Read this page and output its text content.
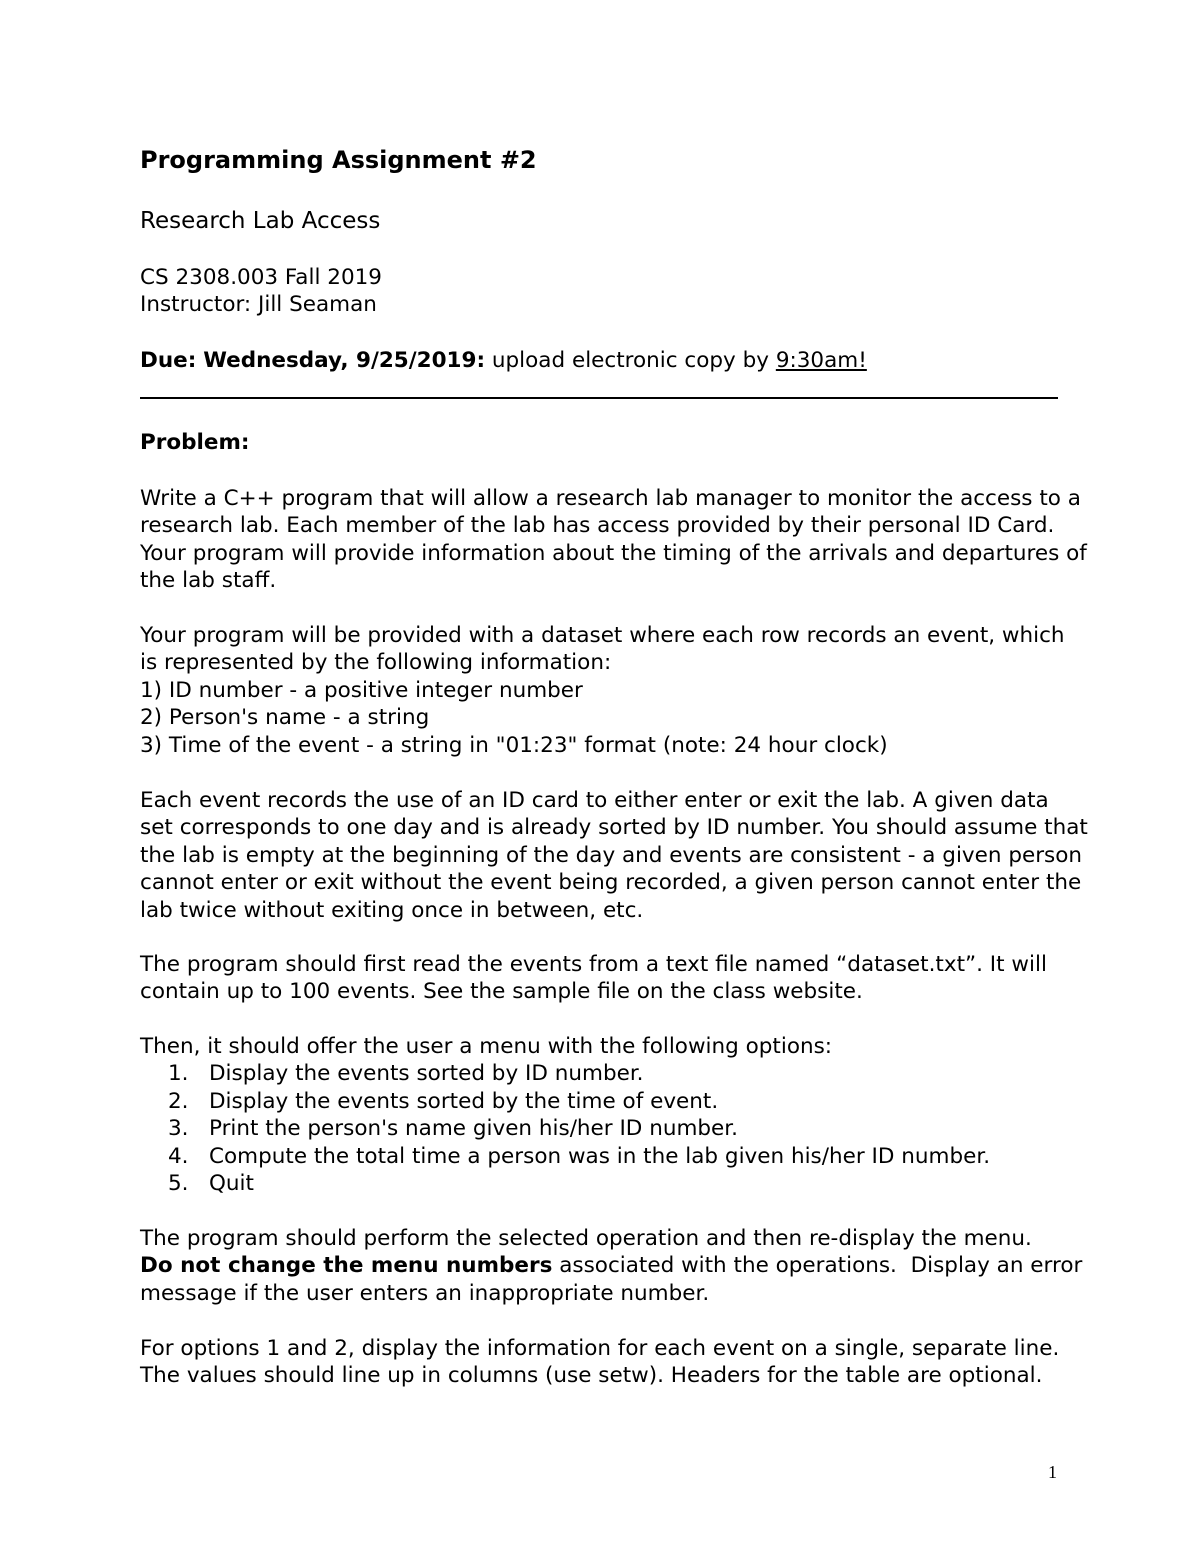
Programming Assignment #2
Research Lab Access
CS 2308.003 Fall 2019
Instructor: Jill Seaman
Due: Wednesday, 9/25/2019: upload electronic copy by 9:30am!
Problem:
Write a C++ program that will allow a research lab manager to monitor the access to a
research lab. Each member of the lab has access provided by their personal ID Card.
Your program will provide information about the timing of the arrivals and departures of
the lab staff.
Your program will be provided with a dataset where each row records an event, which
is represented by the following information:
1) ID number - a positive integer number
2) Person's name - a string
3) Time of the event - a string in "01:23" format (note: 24 hour clock)
Each event records the use of an ID card to either enter or exit the lab. A given data
set corresponds to one day and is already sorted by ID number. You should assume that
the lab is empty at the beginning of the day and events are consistent - a given person
cannot enter or exit without the event being recorded, a given person cannot enter the
lab twice without exiting once in between, etc.
The program should first read the events from a text file named “dataset.txt”. It will
contain up to 100 events. See the sample file on the class website.
Then, it should offer the user a menu with the following options:
1. Display the events sorted by ID number.
2. Display the events sorted by the time of event.
3. Print the person's name given his/her ID number.
4. Compute the total time a person was in the lab given his/her ID number.
5. Quit
The program should perform the selected operation and then re-display the menu.
Do not change the menu numbers associated with the operations.  Display an error
message if the user enters an inappropriate number.
For options 1 and 2, display the information for each event on a single, separate line.
The values should line up in columns (use setw). Headers for the table are optional.
1
